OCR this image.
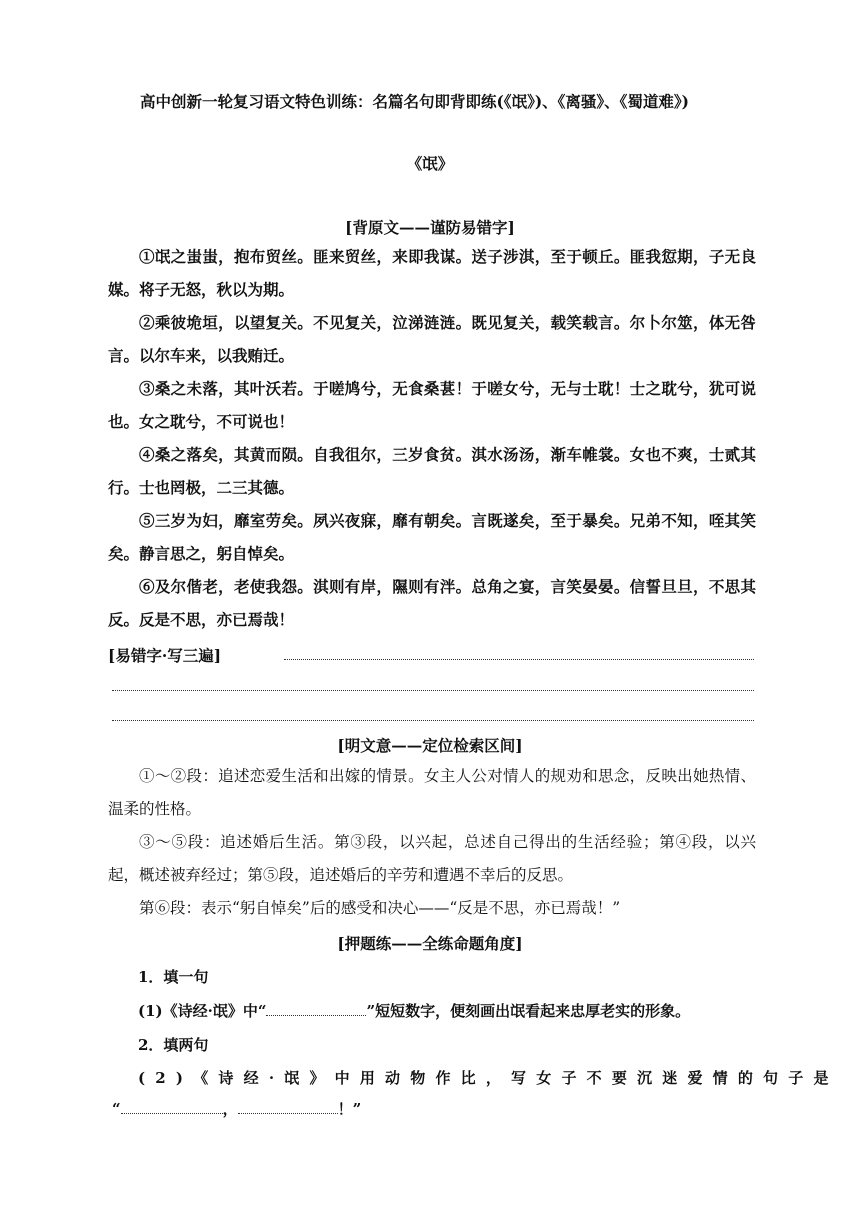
高中创新一轮复习语文特色训练：名篇名句即背即练(《氓》)、《离骚》、《蜀道难》)
《氓》
[背原文——谨防易错字]
①氓之蚩蚩，抱布贸丝。匪来贸丝，来即我谋。送子涉淇，至于顿丘。匪我愆期，子无良媒。将子无怒，秋以为期。
②乘彼垝垣，以望复关。不见复关，泣涕涟涟。既见复关，载笑载言。尔卜尔筮，体无咎言。以尔车来，以我贿迁。
③桑之未落，其叶沃若。于嗟鸠兮，无食桑葚！于嗟女兮，无与士耽！士之耽兮，犹可说也。女之耽兮，不可说也！
④桑之落矣，其黄而陨。自我徂尔，三岁食贫。淇水汤汤，渐车帷裳。女也不爽，士贰其行。士也罔极，二三其德。
⑤三岁为妇，靡室劳矣。夙兴夜寐，靡有朝矣。言既遂矣，至于暴矣。兄弟不知，咥其笑矣。静言思之，躬自悼矣。
⑥及尔偕老，老使我怨。淇则有岸，隰则有泮。总角之宴，言笑晏晏。信誓旦旦，不思其反。反是不思，亦已焉哉！
[易错字·写三遍]
[明文意——定位检索区间]
①～②段：追述恋爱生活和出嫁的情景。女主人公对情人的规劝和思念，反映出她热情、温柔的性格。
③～⑤段：追述婚后生活。第③段，以兴起，总述自己得出的生活经验；第④段，以兴起，概述被弃经过；第⑤段，追述婚后的辛劳和遭遇不幸后的反思。
第⑥段：表示“躬自悼矣”后的感受和决心——“反是不思，亦已焉哉！”
[押题练——全练命题角度]
1．填一句
(1)《诗经·氓》中“	”短短数字，便刻画出氓看起来忠厚老实的形象。
2．填两句
(2)《诗经·氓》中用动物作比，写女子不要沉迷爱情的句子是
“	，	！”
